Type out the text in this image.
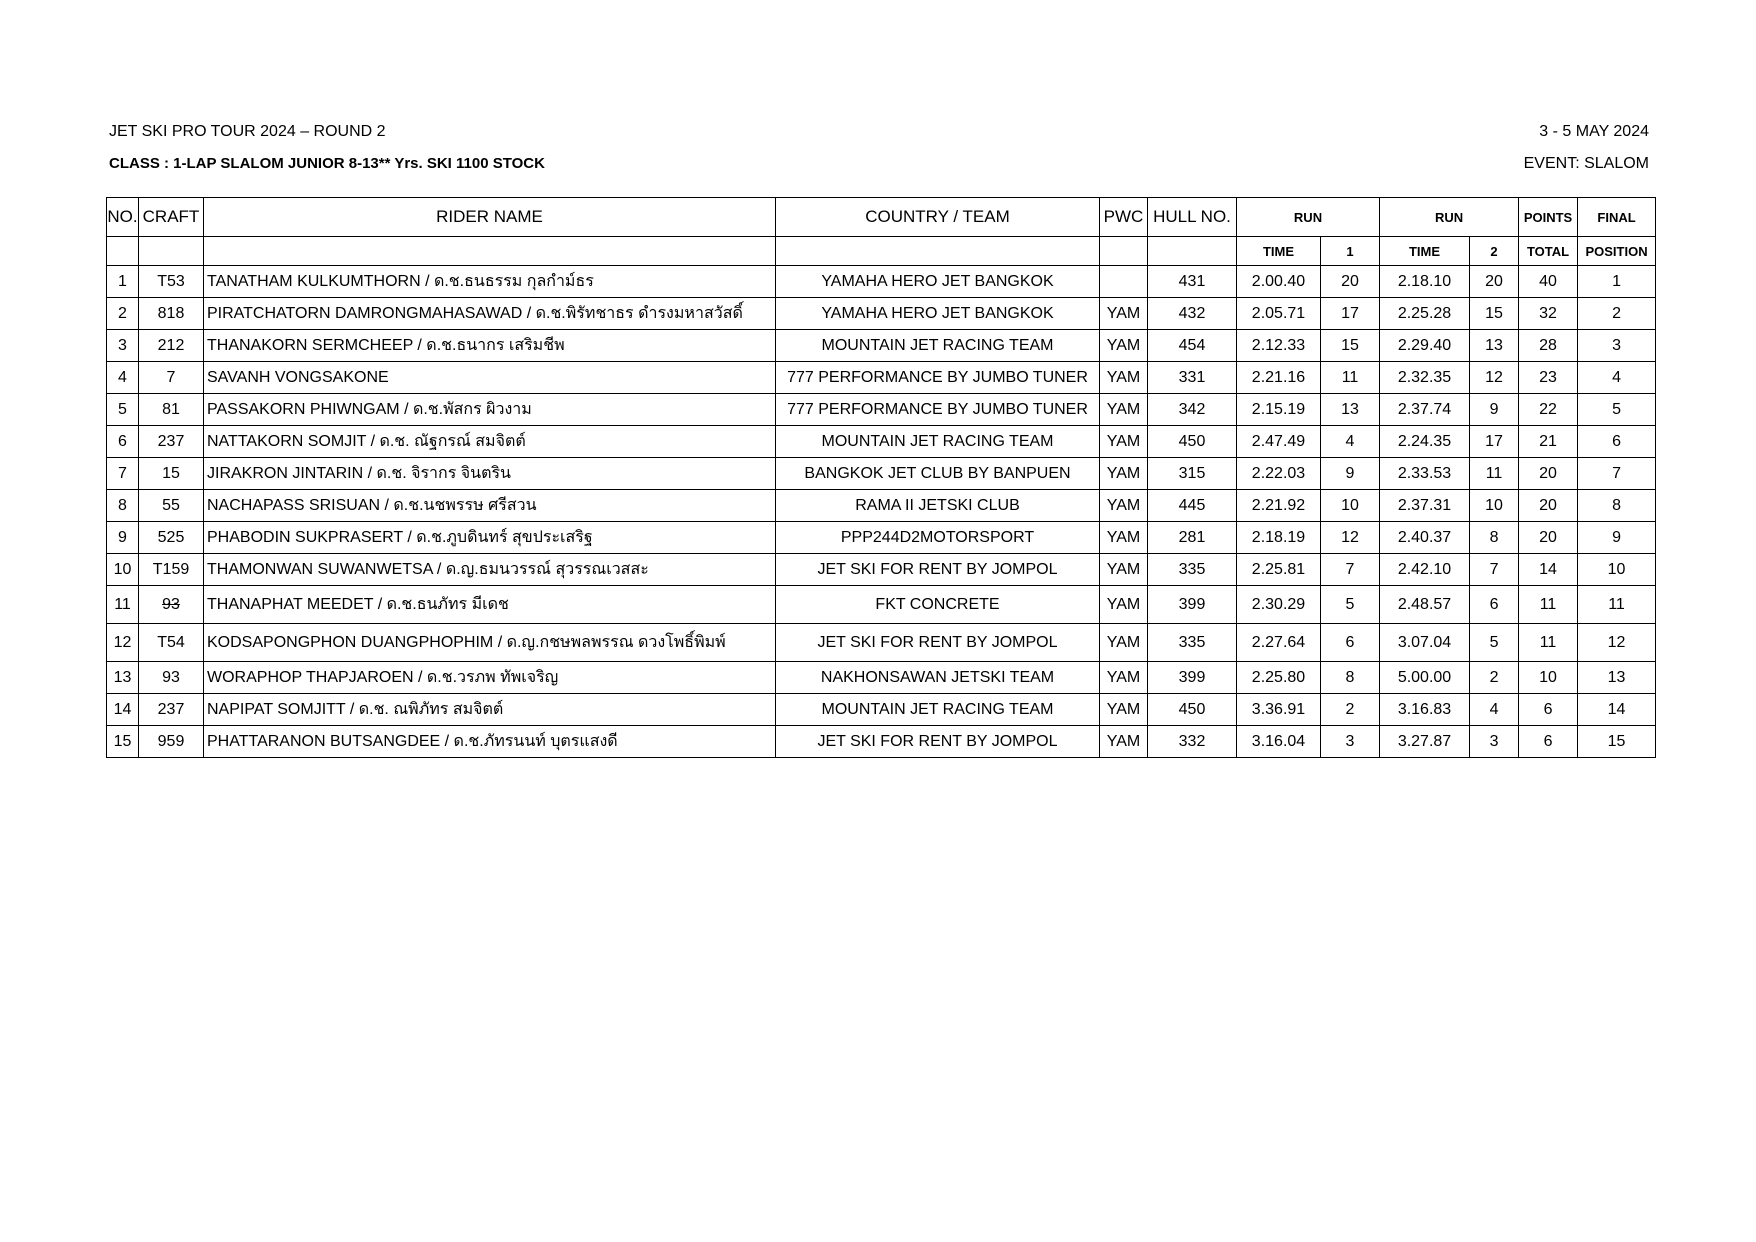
JET SKI PRO TOUR 2024 – ROUND 2	3 - 5 MAY 2024
CLASS : 1-LAP SLALOM JUNIOR 8-13** Yrs. SKI 1100 STOCK	EVENT: SLALOM
NO.	CRAFT	RIDER NAME	COUNTRY / TEAM	PWC	HULL NO.	RUN		RUN		POINTS	FINAL
						TIME	1	TIME	2	TOTAL	POSITION
1	T53	TANATHAM KULKUMTHORN / ด.ช.ธนธรรม กุลกำม์ธร	YAMAHA HERO JET BANGKOK		431	2.00.40	20	2.18.10	20	40	1
2	818	PIRATCHATORN DAMRONGMAHASAWAD / ด.ช.พิรัทชาธร ดำรงมหาสวัสดิ์	YAMAHA HERO JET BANGKOK	YAM	432	2.05.71	17	2.25.28	15	32	2
3	212	THANAKORN SERMCHEEP / ด.ช.ธนากร เสริมชีพ	MOUNTAIN JET RACING TEAM	YAM	454	2.12.33	15	2.29.40	13	28	3
4	7	SAVANH VONGSAKONE	777 PERFORMANCE BY JUMBO TUNER	YAM	331	2.21.16	11	2.32.35	12	23	4
5	81	PASSAKORN PHIWNGAM / ด.ช.พัสกร ผิวงาม	777 PERFORMANCE BY JUMBO TUNER	YAM	342	2.15.19	13	2.37.74	9	22	5
6	237	NATTAKORN SOMJIT / ด.ช. ณัฐกรณ์ สมจิตต์	MOUNTAIN JET RACING TEAM	YAM	450	2.47.49	4	2.24.35	17	21	6
7	15	JIRAKRON JINTARIN / ด.ช. จิรากร จินตริน	BANGKOK JET CLUB BY BANPUEN	YAM	315	2.22.03	9	2.33.53	11	20	7
8	55	NACHAPASS SRISUAN / ด.ช.นชพรรษ ศรีสวน	RAMA II JETSKI CLUB	YAM	445	2.21.92	10	2.37.31	10	20	8
9	525	PHABODIN SUKPRASERT / ด.ช.ภูบดินทร์ สุขประเสริฐ	PPP244D2MOTORSPORT	YAM	281	2.18.19	12	2.40.37	8	20	9
10	T159	THAMONWAN SUWANWETSA / ด.ญ.ธมนวรรณ์ สุวรรณเวสสะ	JET SKI FOR RENT BY JOMPOL	YAM	335	2.25.81	7	2.42.10	7	14	10
11	93	THANAPHAT MEEDET / ด.ช.ธนภัทร มีเดช	FKT CONCRETE	YAM	399	2.30.29	5	2.48.57	6	11	11
12	T54	KODSAPONGPHON DUANGPHOPHIM / ด.ญ.กชษพลพรรณ ดวงโพธิ์พิมพ์	JET SKI FOR RENT BY JOMPOL	YAM	335	2.27.64	6	3.07.04	5	11	12
13	93	WORAPHOP THAPJAROEN / ด.ช.วรภพ ทัพเจริญ	NAKHONSAWAN JETSKI TEAM	YAM	399	2.25.80	8	5.00.00	2	10	13
14	237	NAPIPAT SOMJITT / ด.ช. ณพิภัทร สมจิตต์	MOUNTAIN JET RACING TEAM	YAM	450	3.36.91	2	3.16.83	4	6	14
15	959	PHATTARANON BUTSANGDEE / ด.ช.ภัทรนนท์ บุตรแสงดี	JET SKI FOR RENT BY JOMPOL	YAM	332	3.16.04	3	3.27.87	3	6	15
